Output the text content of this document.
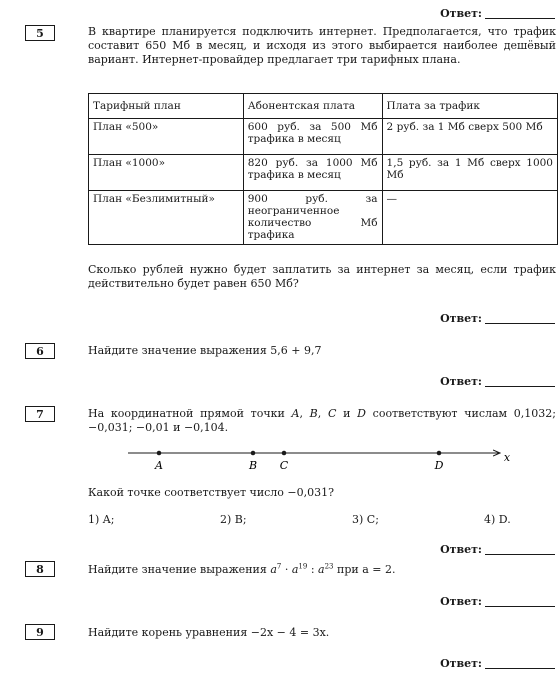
Ответ:
5	В квартире планируется подключить интернет. Предполагается, что трафик составит 650 Мб в месяц, и исходя из этого выбирается наиболее дешёвый вариант. Интернет-провайдер предлагает три тарифных плана.

Тарифный план	Абонентская плата	Плата за трафик
План «500»	600 руб. за 500 Мб трафика в месяц	2 руб. за 1 Мб сверх 500 Мб
План «1000»	820 руб. за 1000 Мб трафика в месяц	1,5 руб. за 1 Мб сверх 1000 Мб
План «Безлимитный»	900 руб. за неограниченное количество Мб трафика	—

Сколько рублей нужно будет заплатить за интернет за месяц, если трафик действительно будет равен 650 Мб?

Ответ:
6	Найдите значение выражения 5,6 + 9,7
Ответ:
7	На координатной прямой точки A, B, C и D соответствуют числам 0,1032; −0,031; −0,01 и −0,104.

A	B C	D
x
Какой точке соответствует число −0,031?
1) A;	2) B;	3) C;	4) D.
Ответ:
8	Найдите значение выражения $a^7 \cdot a^{19}$ : $a^{23}$ при a = 2.
Ответ:
9	Найдите корень уравнения −2x − 4 = 3x.
Ответ:
